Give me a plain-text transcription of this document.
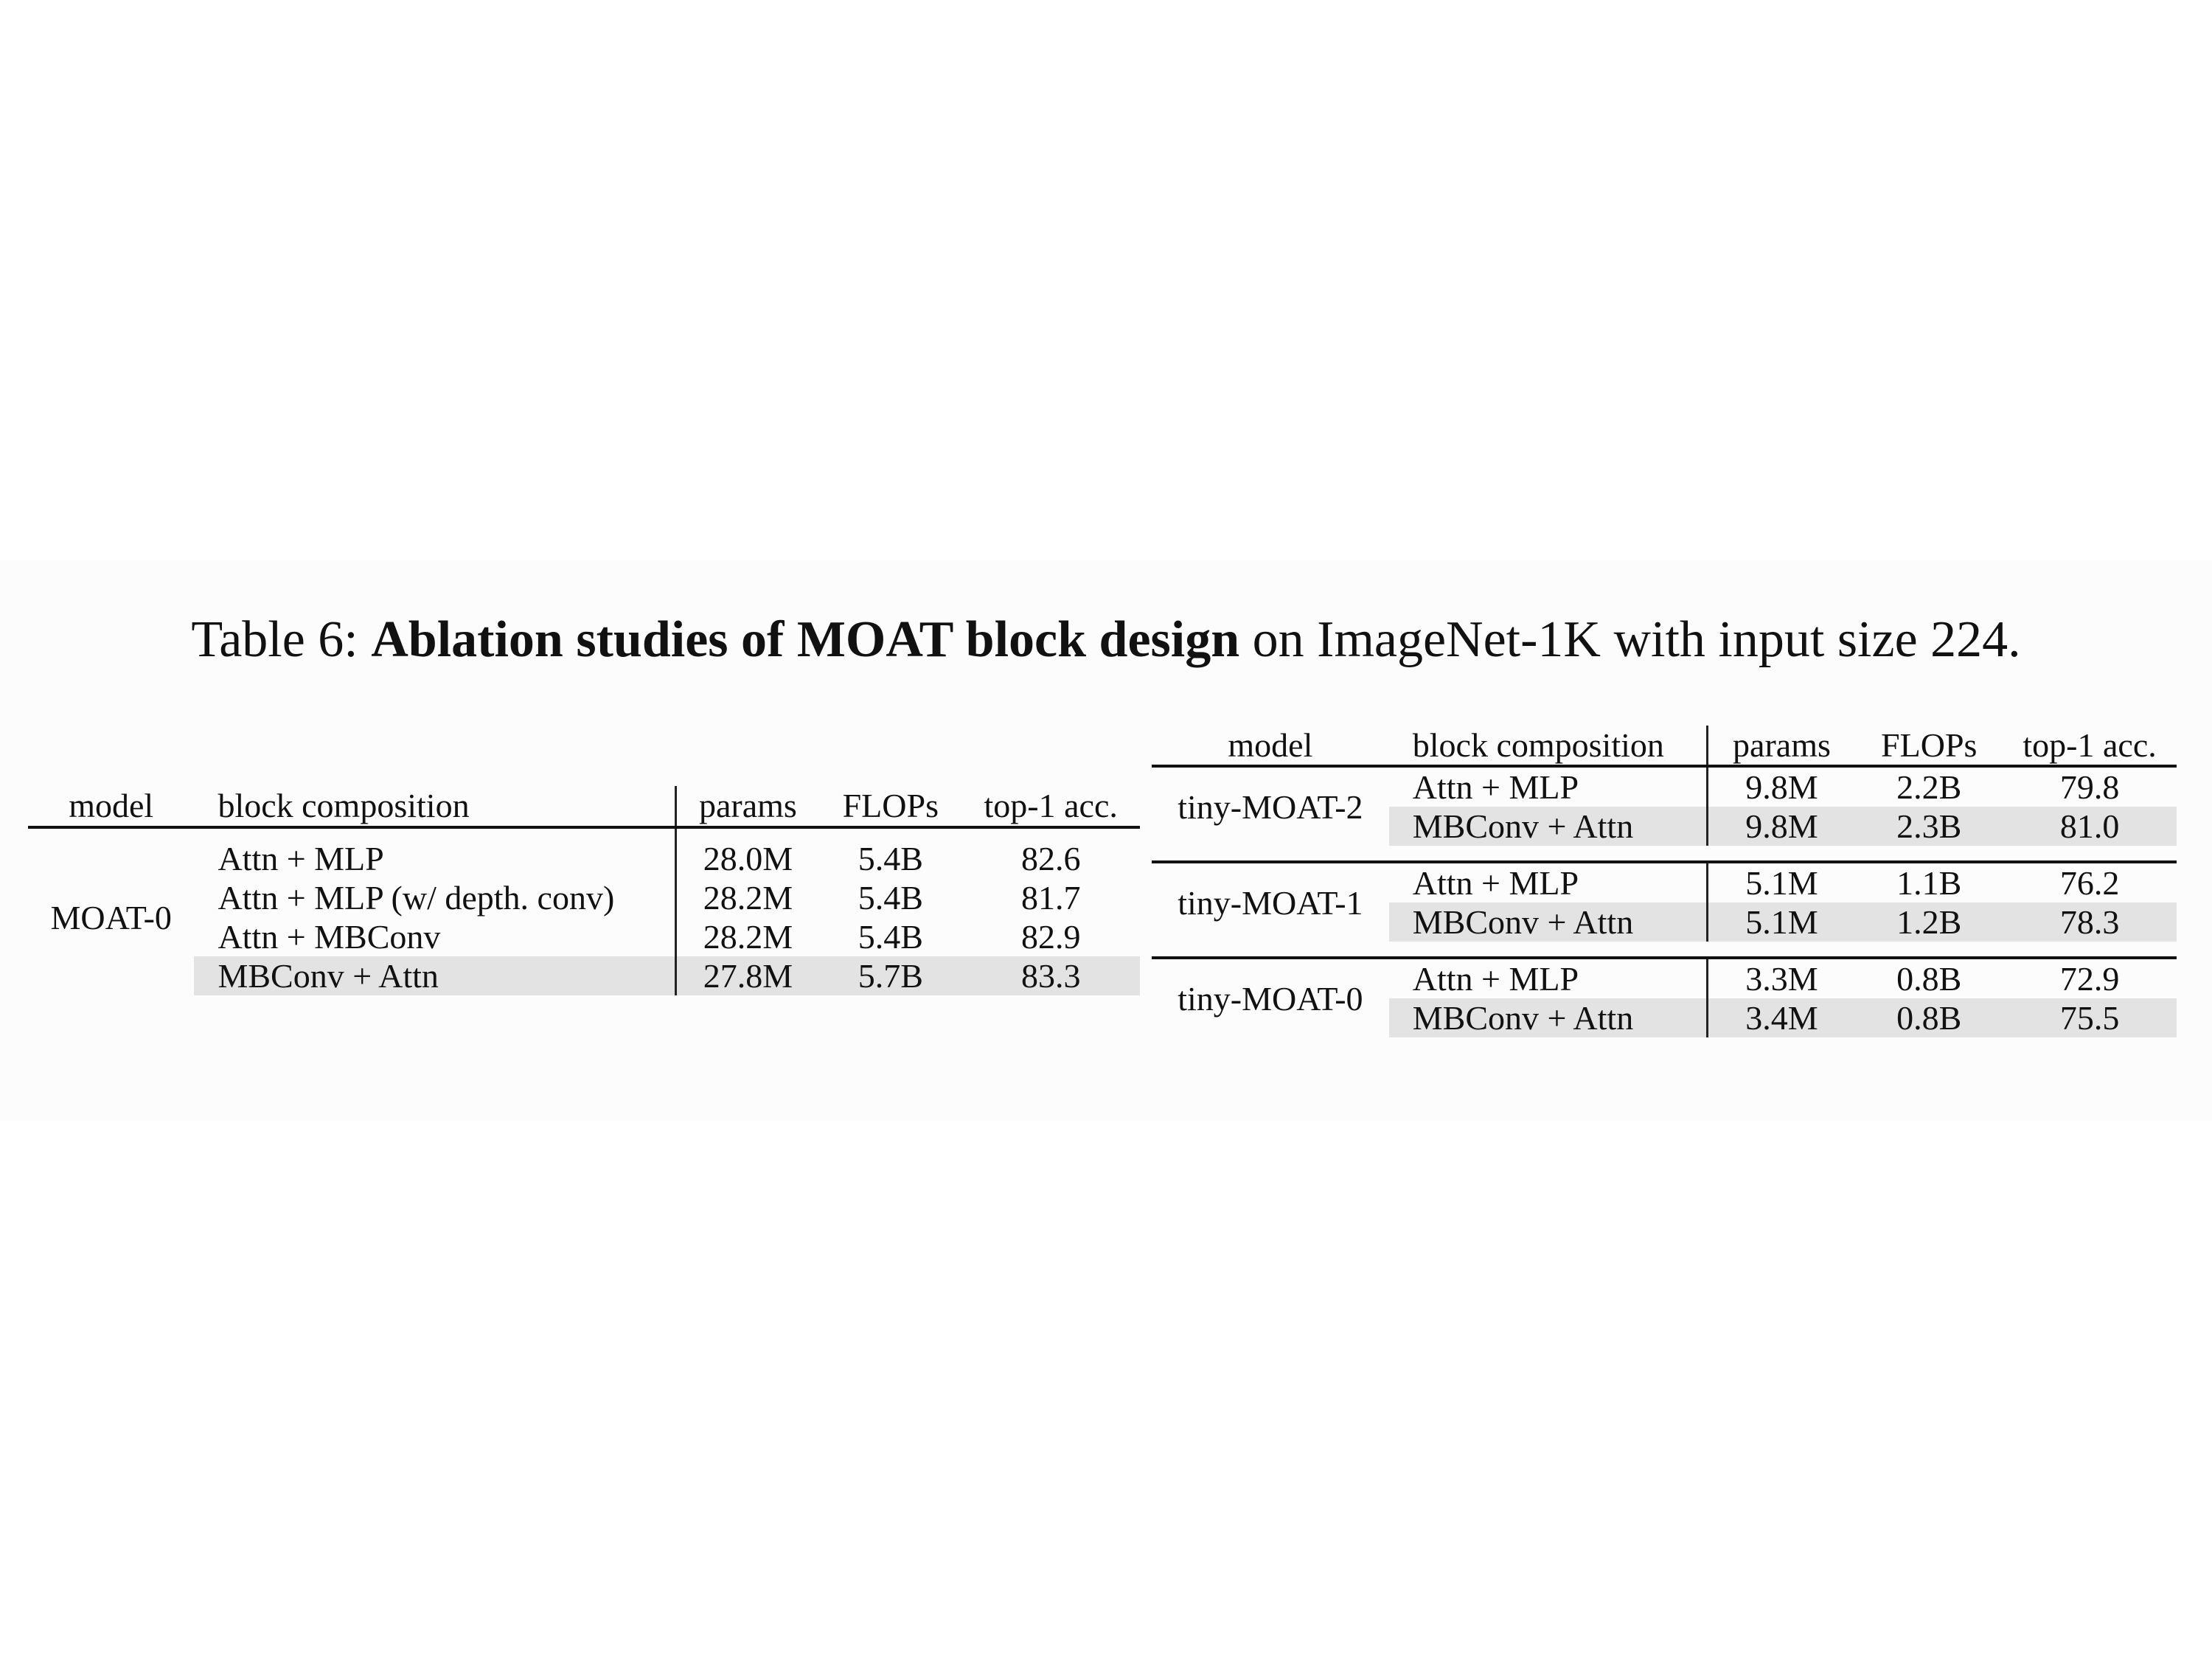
Table 6: Ablation studies of MOAT block design on ImageNet-1K with input size 224.
model	block composition	params	FLOPs	top-1 acc.
MOAT-0	Attn + MLP	28.0M	5.4B	82.6
	Attn + MLP (w/ depth. conv)	28.2M	5.4B	81.7
	Attn + MBConv	28.2M	5.4B	82.9
	MBConv + Attn	27.8M	5.7B	83.3
model	block composition	params	FLOPs	top-1 acc.
tiny-MOAT-2	Attn + MLP	9.8M	2.2B	79.8
	MBConv + Attn	9.8M	2.3B	81.0

tiny-MOAT-1	Attn + MLP	5.1M	1.1B	76.2
	MBConv + Attn	5.1M	1.2B	78.3

tiny-MOAT-0	Attn + MLP	3.3M	0.8B	72.9
	MBConv + Attn	3.4M	0.8B	75.5
